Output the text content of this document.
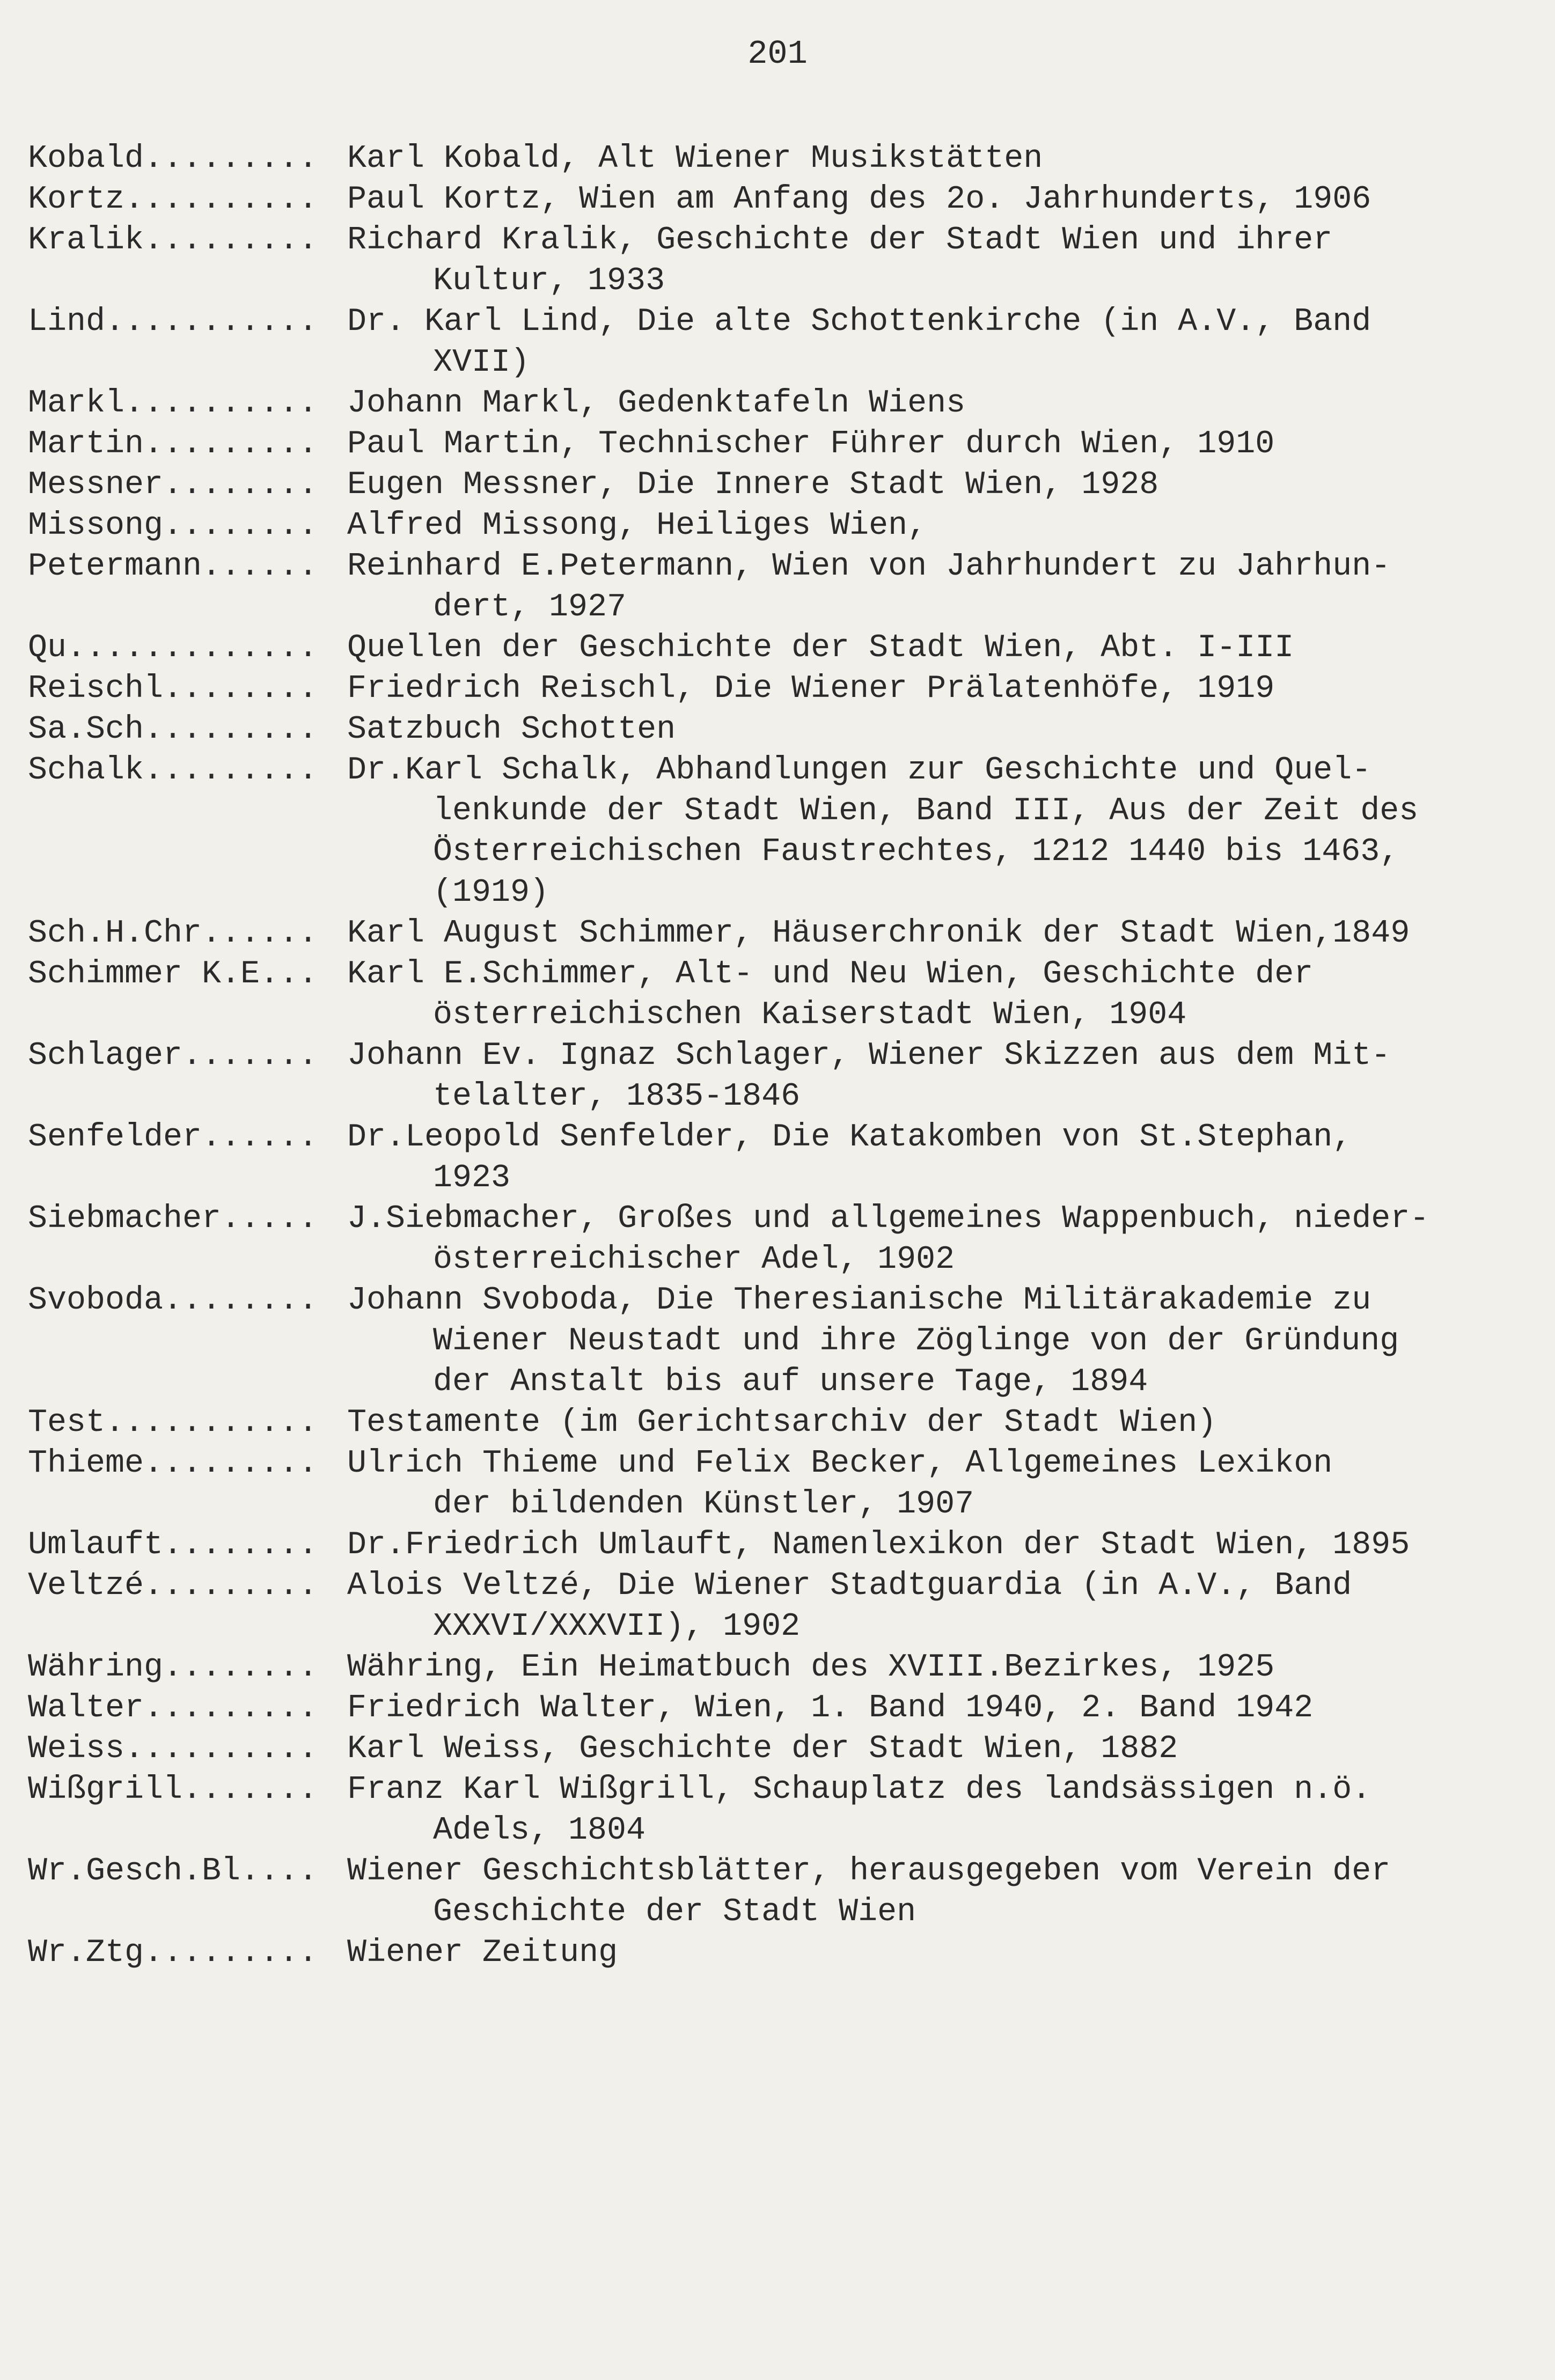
201
Kobald......... Karl Kobald, Alt Wiener Musikstätten
Kortz.......... Paul Kortz, Wien am Anfang des 2o. Jahrhunderts, 1906
Kralik......... Richard Kralik, Geschichte der Stadt Wien und ihrer
Kultur, 1933
Lind........... Dr. Karl Lind, Die alte Schottenkirche (in A.V., Band
XVII)
Markl.......... Johann Markl, Gedenktafeln Wiens
Martin......... Paul Martin, Technischer Führer durch Wien, 1910
Messner........ Eugen Messner, Die Innere Stadt Wien, 1928
Missong........ Alfred Missong, Heiliges Wien,
Petermann...... Reinhard E.Petermann, Wien von Jahrhundert zu Jahrhun-
dert, 1927
Qu............. Quellen der Geschichte der Stadt Wien, Abt. I-III
Reischl........ Friedrich Reischl, Die Wiener Prälatenhöfe, 1919
Sa.Sch......... Satzbuch Schotten
Schalk......... Dr.Karl Schalk, Abhandlungen zur Geschichte und Quel-
lenkunde der Stadt Wien, Band III, Aus der Zeit des
Österreichischen Faustrechtes, 1212 1440 bis 1463,
(1919)
Sch.H.Chr...... Karl August Schimmer, Häuserchronik der Stadt Wien,1849
Schimmer K.E... Karl E.Schimmer, Alt- und Neu Wien, Geschichte der
österreichischen Kaiserstadt Wien, 1904
Schlager....... Johann Ev. Ignaz Schlager, Wiener Skizzen aus dem Mit-
telalter, 1835-1846
Senfelder...... Dr.Leopold Senfelder, Die Katakomben von St.Stephan,
1923
Siebmacher..... J.Siebmacher, Großes und allgemeines Wappenbuch, nieder-
österreichischer Adel, 1902
Svoboda........ Johann Svoboda, Die Theresianische Militärakademie zu
Wiener Neustadt und ihre Zöglinge von der Gründung
der Anstalt bis auf unsere Tage, 1894
Test........... Testamente (im Gerichtsarchiv der Stadt Wien)
Thieme......... Ulrich Thieme und Felix Becker, Allgemeines Lexikon
der bildenden Künstler, 1907
Umlauft........ Dr.Friedrich Umlauft, Namenlexikon der Stadt Wien, 1895
Veltzé......... Alois Veltzé, Die Wiener Stadtguardia (in A.V., Band
XXXVI/XXXVII), 1902
Währing........ Währing, Ein Heimatbuch des XVIII.Bezirkes, 1925
Walter......... Friedrich Walter, Wien, 1. Band 1940, 2. Band 1942
Weiss.......... Karl Weiss, Geschichte der Stadt Wien, 1882
Wißgrill....... Franz Karl Wißgrill, Schauplatz des landsässigen n.ö.
Adels, 1804
Wr.Gesch.Bl.... Wiener Geschichtsblätter, herausgegeben vom Verein der
Geschichte der Stadt Wien
Wr.Ztg......... Wiener Zeitung
